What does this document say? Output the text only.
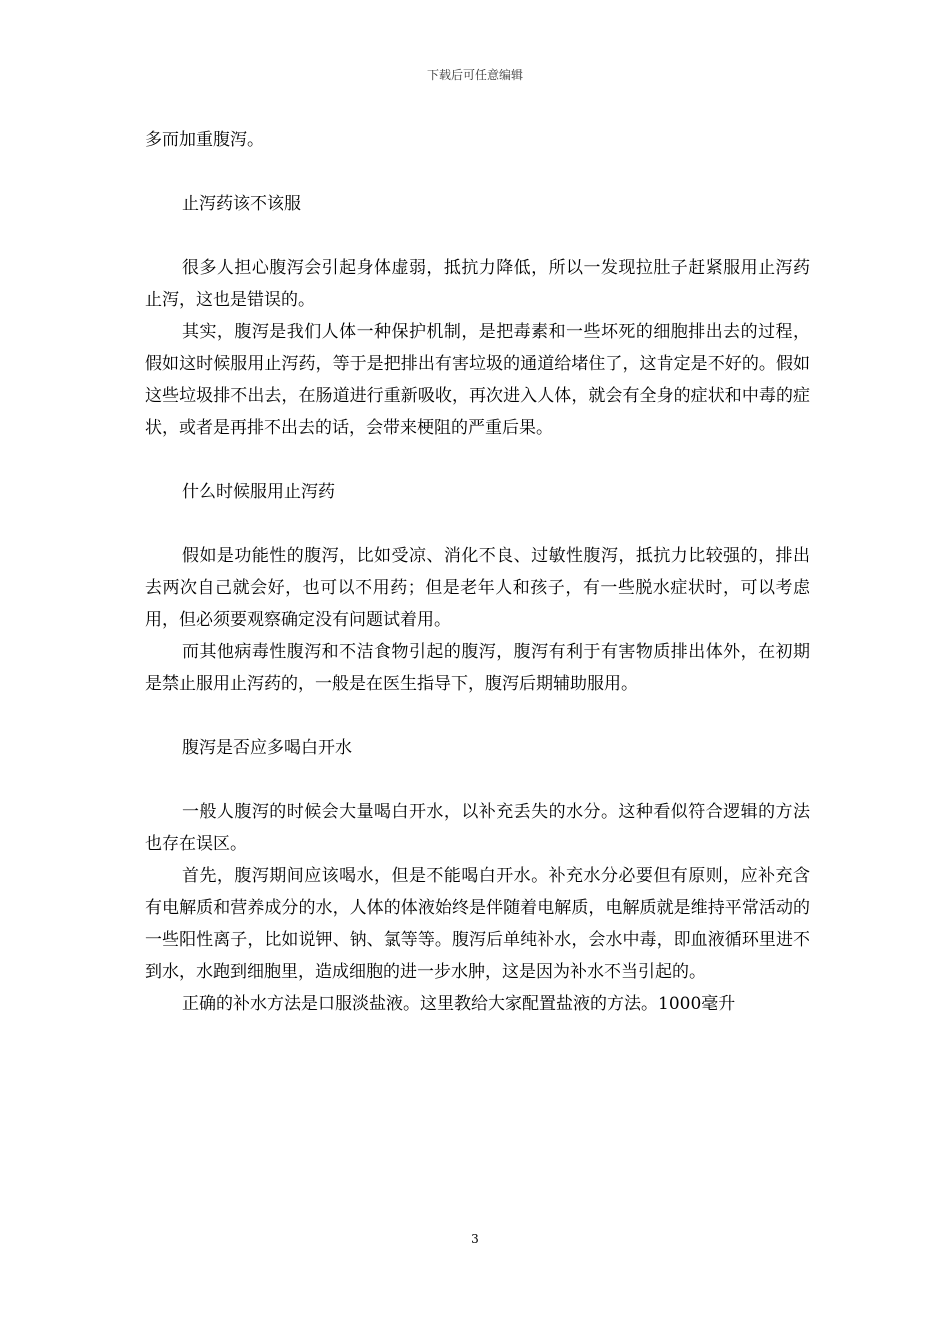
下载后可任意编辑

多而加重腹泻。

止泻药该不该服

很多人担心腹泻会引起身体虚弱，抵抗力降低，所以一发现拉肚子赶紧服用止泻药止泻，这也是错误的。

其实，腹泻是我们人体一种保护机制，是把毒素和一些坏死的细胞排出去的过程，假如这时候服用止泻药，等于是把排出有害垃圾的通道给堵住了，这肯定是不好的。假如这些垃圾排不出去，在肠道进行重新吸收，再次进入人体，就会有全身的症状和中毒的症状，或者是再排不出去的话，会带来梗阻的严重后果。

什么时候服用止泻药

假如是功能性的腹泻，比如受凉、消化不良、过敏性腹泻，抵抗力比较强的，排出去两次自己就会好，也可以不用药；但是老年人和孩子，有一些脱水症状时，可以考虑用，但必须要观察确定没有问题试着用。

而其他病毒性腹泻和不洁食物引起的腹泻，腹泻有利于有害物质排出体外，在初期是禁止服用止泻药的，一般是在医生指导下，腹泻后期辅助服用。

腹泻是否应多喝白开水

一般人腹泻的时候会大量喝白开水，以补充丢失的水分。这种看似符合逻辑的方法也存在误区。

首先，腹泻期间应该喝水，但是不能喝白开水。补充水分必要但有原则，应补充含有电解质和营养成分的水，人体的体液始终是伴随着电解质，电解质就是维持平常活动的一些阳性离子，比如说钾、钠、氯等等。腹泻后单纯补水，会水中毒，即血液循环里进不到水，水跑到细胞里，造成细胞的进一步水肿，这是因为补水不当引起的。

正确的补水方法是口服淡盐液。这里教给大家配置盐液的方法。1000毫升

3
